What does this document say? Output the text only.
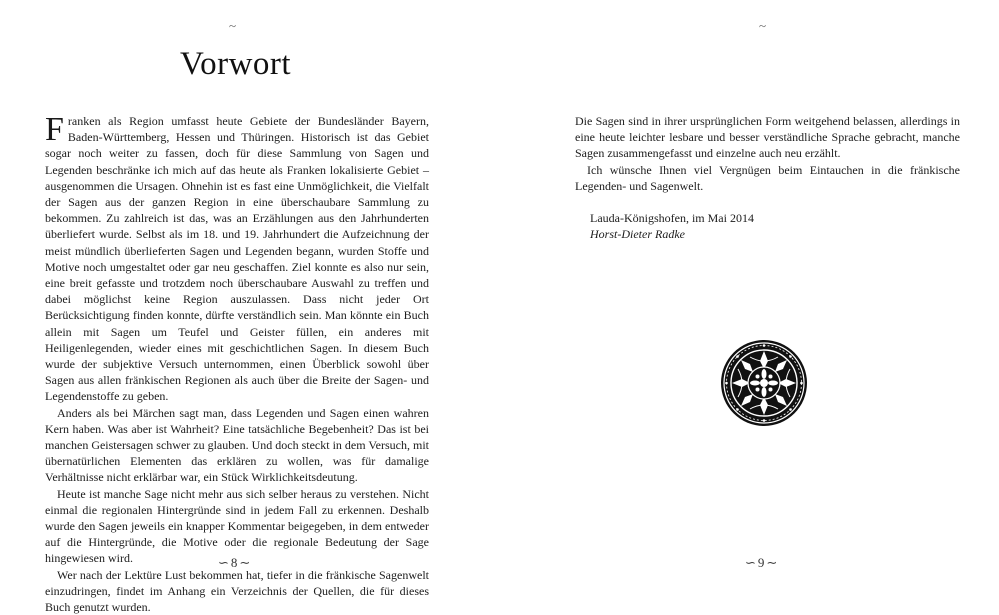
~
Vorwort

Franken als Region umfasst heute Gebiete der Bundesländer Bayern, Baden-Württemberg, Hessen und Thüringen. Historisch ist das Gebiet sogar noch weiter zu fassen, doch für diese Sammlung von Sagen und Legenden beschränke ich mich auf das heute als Franken lokalisierte Gebiet – ausgenommen die Ursagen. Ohnehin ist es fast eine Unmöglichkeit, die Vielfalt der Sagen aus der ganzen Region in eine überschaubare Sammlung zu bekommen. Zu zahlreich ist das, was an Erzählungen aus den Jahrhunderten überliefert wurde. Selbst als im 18. und 19. Jahrhundert die Aufzeichnung der meist mündlich überlieferten Sagen und Legenden begann, wurden Stoffe und Motive noch umgestaltet oder gar neu geschaffen. Ziel konnte es also nur sein, eine breit gefasste und trotzdem noch überschaubare Auswahl zu treffen und dabei möglichst keine Region auszulassen. Dass nicht jeder Ort Berücksichtigung finden konnte, dürfte verständlich sein. Man könnte ein Buch allein mit Sagen um Teufel und Geister füllen, ein anderes mit Heiligenlegenden, wieder eines mit geschichtlichen Sagen. In diesem Buch wurde der subjektive Versuch unternommen, einen Überblick sowohl über Sagen aus allen fränkischen Regionen als auch über die Breite der Sagen- und Legendenstoffe zu geben.

Anders als bei Märchen sagt man, dass Legenden und Sagen einen wahren Kern haben. Was aber ist Wahrheit? Eine tatsächliche Begebenheit? Das ist bei manchen Geistersagen schwer zu glauben. Und doch steckt in dem Versuch, mit übernatürlichen Elementen das erklären zu wollen, was für damalige Verhältnisse nicht erklärbar war, ein Stück Wirklichkeitsdeutung.

Heute ist manche Sage nicht mehr aus sich selber heraus zu verstehen. Nicht einmal die regionalen Hintergründe sind in jedem Fall zu erkennen. Deshalb wurde den Sagen jeweils ein knapper Kommentar beigegeben, in dem entweder auf die Hintergründe, die Motive oder die regionale Bedeutung der Sage hingewiesen wird.

Wer nach der Lektüre Lust bekommen hat, tiefer in die fränkische Sagenwelt einzudringen, findet im Anhang ein Verzeichnis der Quellen, die für dieses Buch genutzt wurden.

∽ 8 ∼
~

Die Sagen sind in ihrer ursprünglichen Form weitgehend belassen, allerdings in eine heute leichter lesbare und besser verständliche Sprache gebracht, manche Sagen zusammengefasst und einzelne auch neu erzählt.

Ich wünsche Ihnen viel Vergnügen beim Eintauchen in die fränkische Legenden- und Sagenwelt.

Lauda-Königshofen, im Mai 2014

Horst-Dieter Radke

∽ 9 ∼
